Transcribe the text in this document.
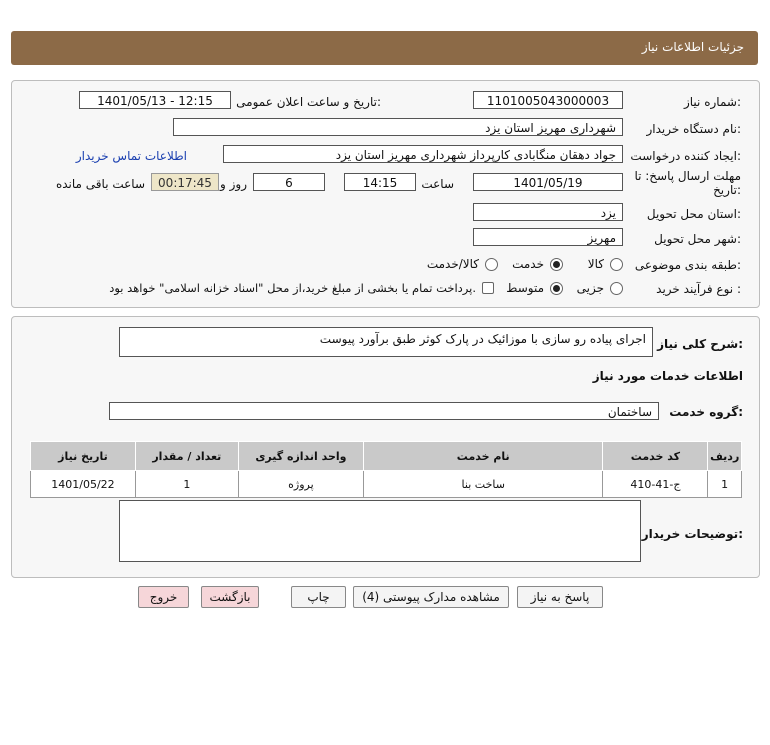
جزئیات اطلاعات نیاز
شماره نیاز:
1101005043000003
تاریخ و ساعت اعلان عمومی:
1401/05/13 - 12:15
نام دستگاه خریدار:
شهرداری مهریز استان یزد
ایجاد کننده درخواست:
جواد دهقان منگابادی کارپرداز شهرداری مهریز استان یزد
اطلاعات تماس خریدار
مهلت ارسال پاسخ: تا
تاریخ:
1401/05/19
ساعت
14:15
6
روز و
00:17:45
ساعت باقی مانده
استان محل تحویل:
یزد
شهر محل تحویل:
مهریز
طبقه بندی موضوعی:
کالا
خدمت
کالا/خدمت
نوع فرآیند خرید :
جزیی
متوسط
پرداخت تمام یا بخشی از مبلغ خرید،از محل "اسناد خزانه اسلامی" خواهد بود.
شرح کلی نیاز:
اجرای پیاده رو سازی با موزائیک در پارک کوثر طبق برآورد پیوست
اطلاعات خدمات مورد نیاز
گروه خدمت:
ساختمان
تاریخ نیاز	تعداد / مقدار	واحد اندازه گیری	نام خدمت	کد خدمت	ردیف
1401/05/22	1	پروژه	ساخت بنا	ج-41-410	1
توضیحات خریدار:
پاسخ به نیاز
مشاهده مدارک پیوستی (4)
چاپ
بازگشت
خروج
